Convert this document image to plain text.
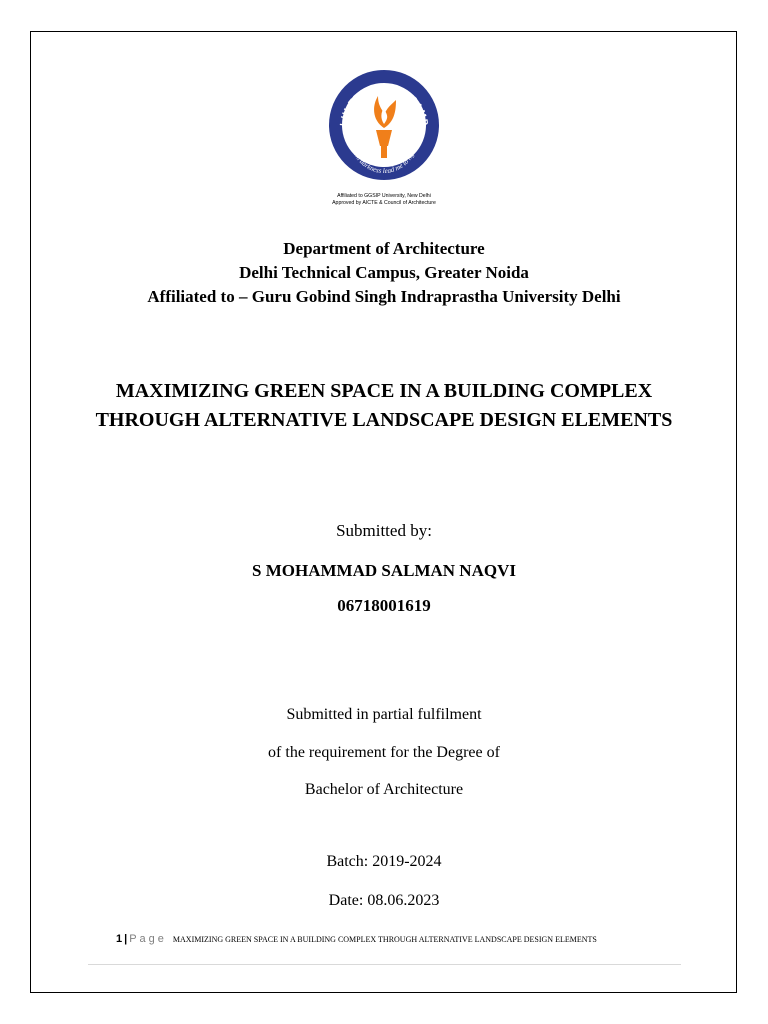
LHI TECHNICAL CAMP
from darkness lead me to light
Affiliated to GGSIP University, New Delhi
Approved by AICTE & Council of Architecture
Department of Architecture
Delhi Technical Campus, Greater Noida
Affiliated to – Guru Gobind Singh Indraprastha University Delhi
MAXIMIZING GREEN SPACE IN A BUILDING COMPLEX
THROUGH ALTERNATIVE LANDSCAPE DESIGN ELEMENTS
Submitted by:
S MOHAMMAD SALMAN NAQVI
06718001619
Submitted in partial fulfilment
of the requirement for the Degree of
Bachelor of Architecture
Batch: 2019-2024
Date: 08.06.2023
1 | Page MAXIMIZING GREEN SPACE IN A BUILDING COMPLEX THROUGH ALTERNATIVE LANDSCAPE DESIGN ELEMENTS
